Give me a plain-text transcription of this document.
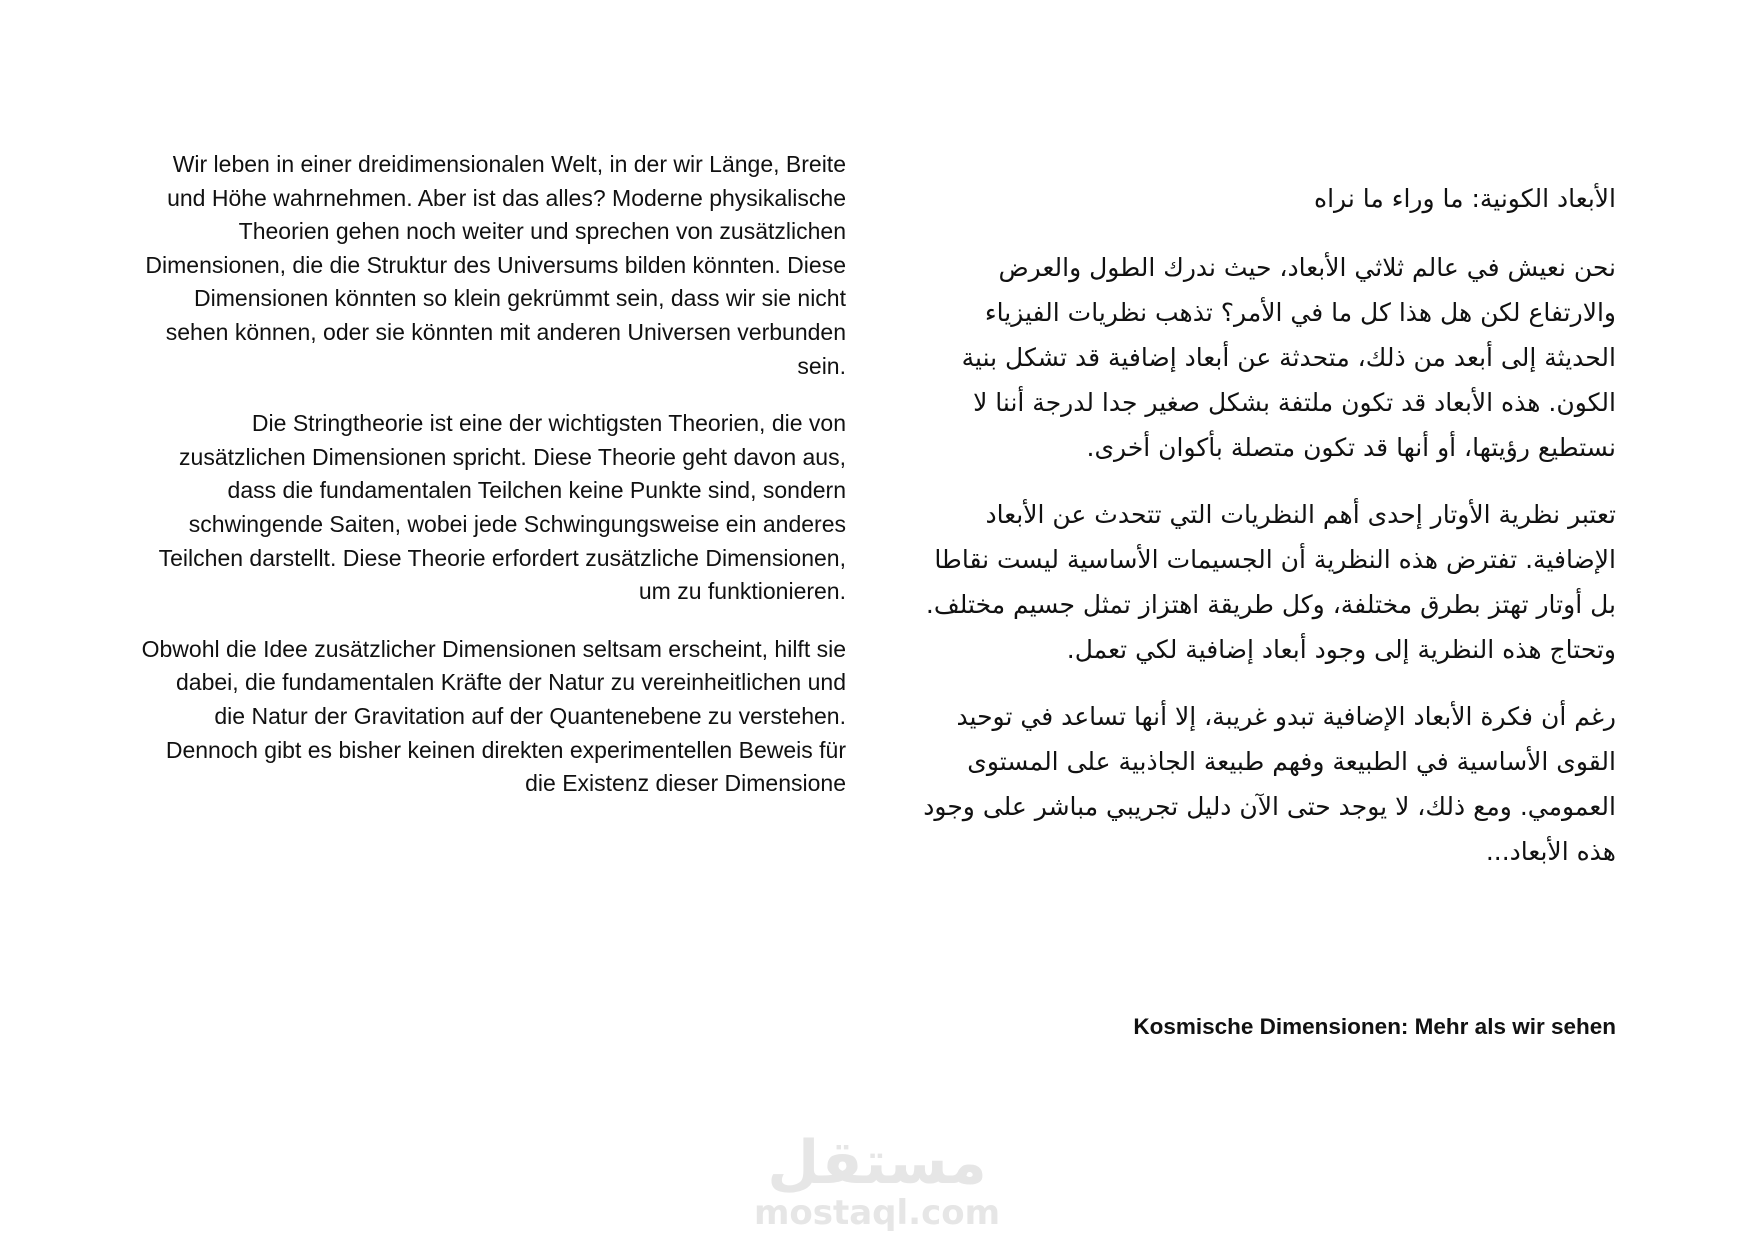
Wir leben in einer dreidimensionalen Welt, in der wir Länge, Breite und Höhe wahrnehmen. Aber ist das alles? Moderne physikalische Theorien gehen noch weiter und sprechen von zusätzlichen Dimensionen, die die Struktur des Universums bilden könnten. Diese Dimensionen könnten so klein gekrümmt sein, dass wir sie nicht sehen können, oder sie könnten mit anderen Universen verbunden sein.

Die Stringtheorie ist eine der wichtigsten Theorien, die von zusätzlichen Dimensionen spricht. Diese Theorie geht davon aus, dass die fundamentalen Teilchen keine Punkte sind, sondern schwingende Saiten, wobei jede Schwingungsweise ein anderes Teilchen darstellt. Diese Theorie erfordert zusätzliche Dimensionen, um zu funktionieren.

Obwohl die Idee zusätzlicher Dimensionen seltsam erscheint, hilft sie dabei, die fundamentalen Kräfte der Natur zu vereinheitlichen und die Natur der Gravitation auf der Quantenebene zu verstehen. Dennoch gibt es bisher keinen direkten experimentellen Beweis für die Existenz dieser Dimensione

الأبعاد الكونية: ما وراء ما نراه

نحن نعيش في عالم ثلاثي الأبعاد، حيث ندرك الطول والعرض والارتفاع لكن هل هذا كل ما في الأمر؟ تذهب نظريات الفيزياء الحديثة إلى أبعد من ذلك، متحدثة عن أبعاد إضافية قد تشكل بنية الكون. هذه الأبعاد قد تكون ملتفة بشكل صغير جدا لدرجة أننا لا نستطيع رؤيتها، أو أنها قد تكون متصلة بأكوان أخرى.

تعتبر نظرية الأوتار إحدى أهم النظريات التي تتحدث عن الأبعاد الإضافية. تفترض هذه النظرية أن الجسيمات الأساسية ليست نقاطا بل أوتار تهتز بطرق مختلفة، وكل طريقة اهتزاز تمثل جسيم مختلف. وتحتاج هذه النظرية إلى وجود أبعاد إضافية لكي تعمل.

رغم أن فكرة الأبعاد الإضافية تبدو غريبة، إلا أنها تساعد في توحيد القوى الأساسية في الطبيعة وفهم طبيعة الجاذبية على المستوى العمومي. ومع ذلك، لا يوجد حتى الآن دليل تجريبي مباشر على وجود هذه الأبعاد...

Kosmische Dimensionen: Mehr als wir sehen
مستقل
mostaql.com
